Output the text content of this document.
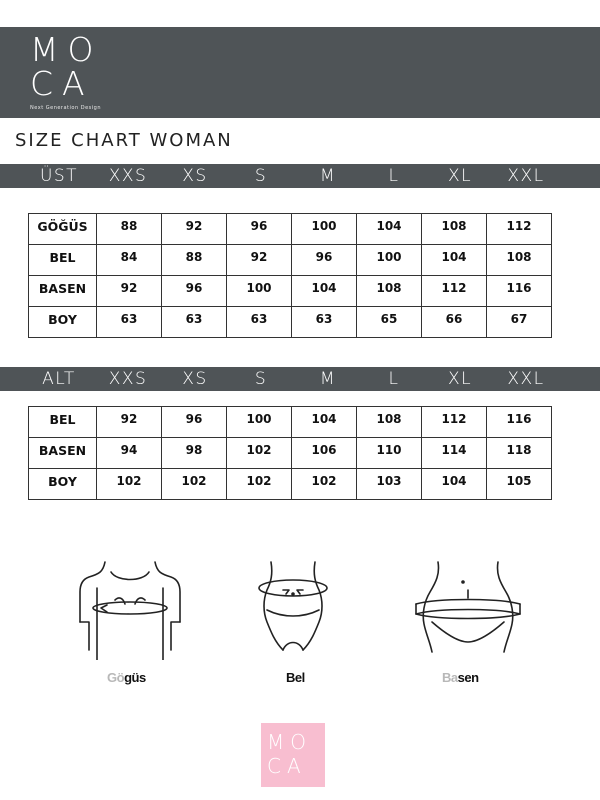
MO
CA
Next Generation Design
SIZE CHART WOMAN
ÜST	XXS	XS	S	M	L	XL	XXL
GÖĞÜS	88	92	96	100	104	108	112
BEL	84	88	92	96	100	104	108
BASEN	92	96	100	104	108	112	116
BOY	63	63	63	63	65	66	67
ALT	XXS	XS	S	M	L	XL	XXL
BEL	92	96	100	104	108	112	116
BASEN	94	98	102	106	110	114	118
BOY	102	102	102	102	103	104	105
Gögüs	Bel	Basen
MO
CA
